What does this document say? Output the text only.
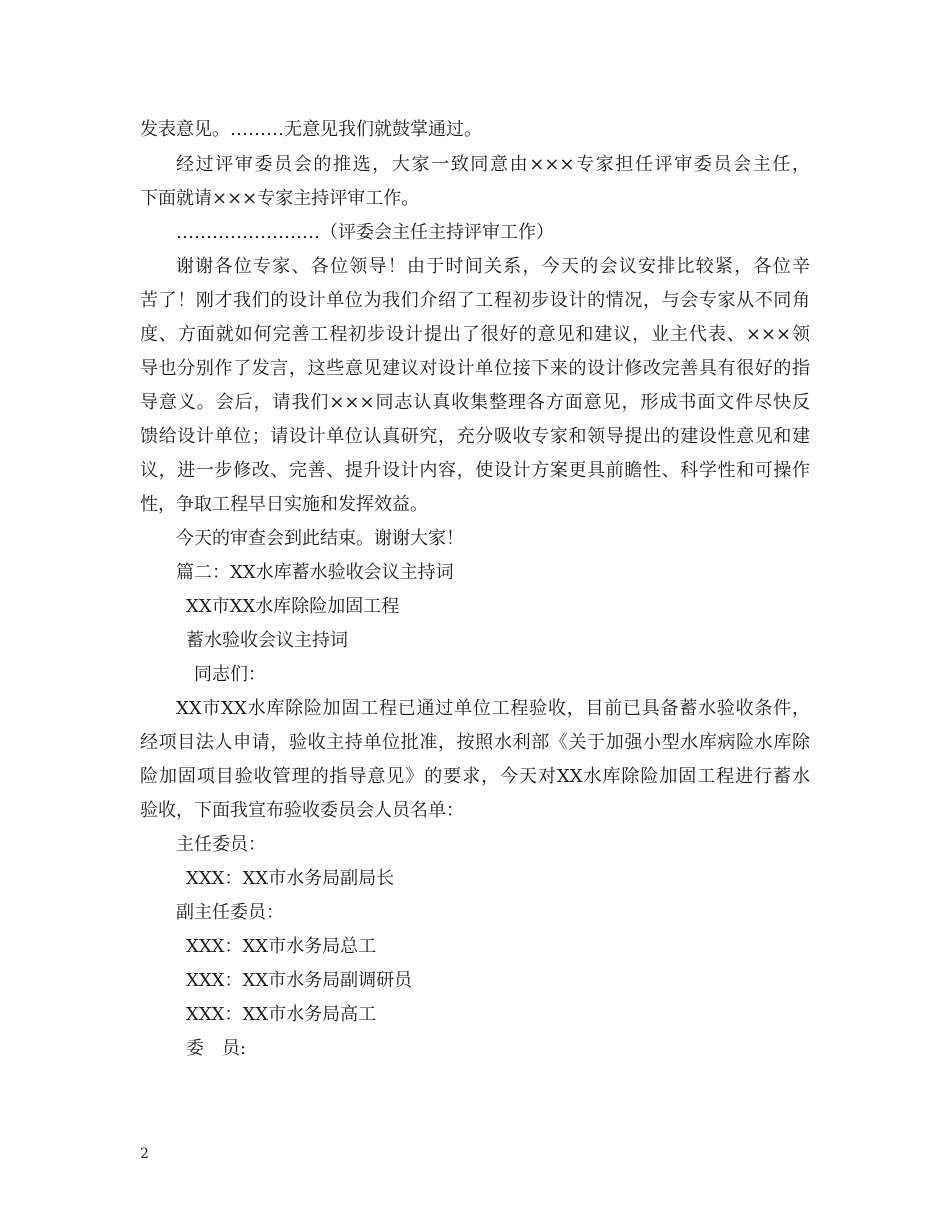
发表意见。………无意见我们就鼓掌通过。
经过评审委员会的推选，大家一致同意由×××专家担任评审委员会主任，
下面就请×××专家主持评审工作。
……………………（评委会主任主持评审工作）
谢谢各位专家、各位领导！由于时间关系，今天的会议安排比较紧，各位辛
苦了！刚才我们的设计单位为我们介绍了工程初步设计的情况，与会专家从不同角
度、方面就如何完善工程初步设计提出了很好的意见和建议，业主代表、×××领
导也分别作了发言，这些意见建议对设计单位接下来的设计修改完善具有很好的指
导意义。会后，请我们×××同志认真收集整理各方面意见，形成书面文件尽快反
馈给设计单位；请设计单位认真研究，充分吸收专家和领导提出的建设性意见和建
议，进一步修改、完善、提升设计内容，使设计方案更具前瞻性、科学性和可操作
性，争取工程早日实施和发挥效益。
今天的审查会到此结束。谢谢大家！
篇二：XX水库蓄水验收会议主持词
XX市XX水库除险加固工程
蓄水验收会议主持词
同志们：
XX市XX水库除险加固工程已通过单位工程验收，目前已具备蓄水验收条件，
经项目法人申请，验收主持单位批准，按照水利部《关于加强小型水库病险水库除
险加固项目验收管理的指导意见》的要求，今天对XX水库除险加固工程进行蓄水
验收，下面我宣布验收委员会人员名单：
主任委员：
XXX：XX市水务局副局长
副主任委员：
XXX：XX市水务局总工
XXX：XX市水务局副调研员
XXX：XX市水务局高工
委　员:
2
